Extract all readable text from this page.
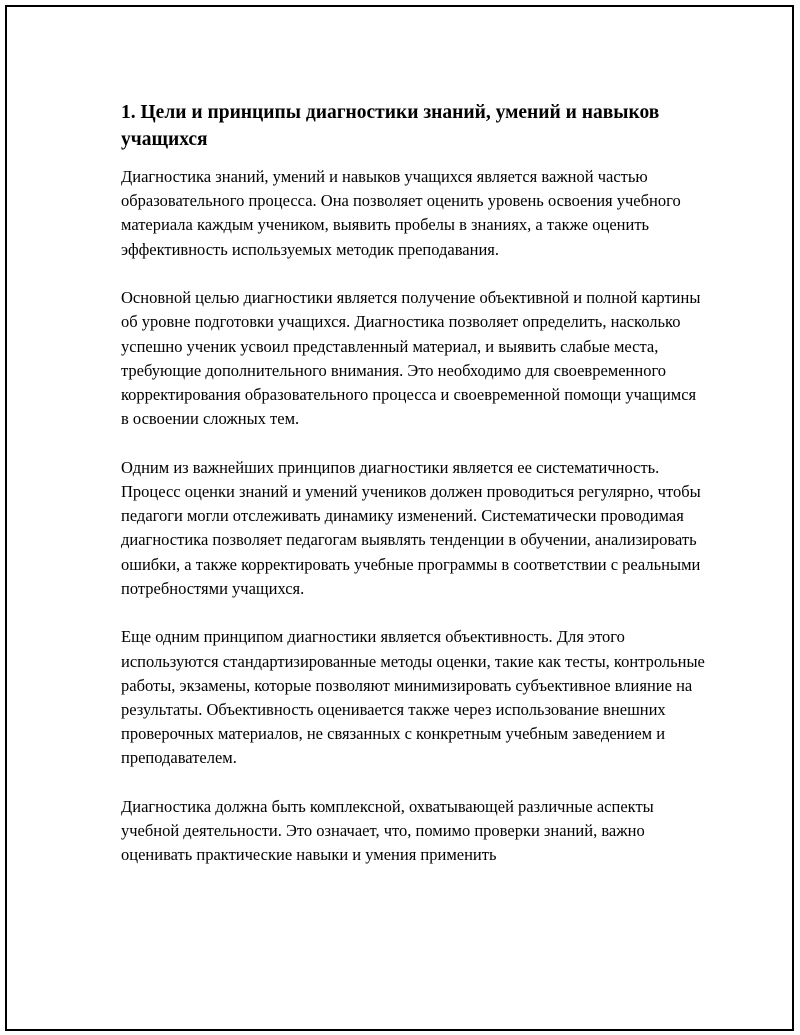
1. Цели и принципы диагностики знаний, умений и навыков учащихся

Диагностика знаний, умений и навыков учащихся является важной частью образовательного процесса. Она позволяет оценить уровень освоения учебного материала каждым учеником, выявить пробелы в знаниях, а также оценить эффективность используемых методик преподавания.

Основной целью диагностики является получение объективной и полной картины об уровне подготовки учащихся. Диагностика позволяет определить, насколько успешно ученик усвоил представленный материал, и выявить слабые места, требующие дополнительного внимания. Это необходимо для своевременного корректирования образовательного процесса и своевременной помощи учащимся в освоении сложных тем.

Одним из важнейших принципов диагностики является ее систематичность. Процесс оценки знаний и умений учеников должен проводиться регулярно, чтобы педагоги могли отслеживать динамику изменений. Систематически проводимая диагностика позволяет педагогам выявлять тенденции в обучении, анализировать ошибки, а также корректировать учебные программы в соответствии с реальными потребностями учащихся.

Еще одним принципом диагностики является объективность. Для этого используются стандартизированные методы оценки, такие как тесты, контрольные работы, экзамены, которые позволяют минимизировать субъективное влияние на результаты. Объективность оценивается также через использование внешних проверочных материалов, не связанных с конкретным учебным заведением и преподавателем.

Диагностика должна быть комплексной, охватывающей различные аспекты учебной деятельности. Это означает, что, помимо проверки знаний, важно оценивать практические навыки и умения применить
